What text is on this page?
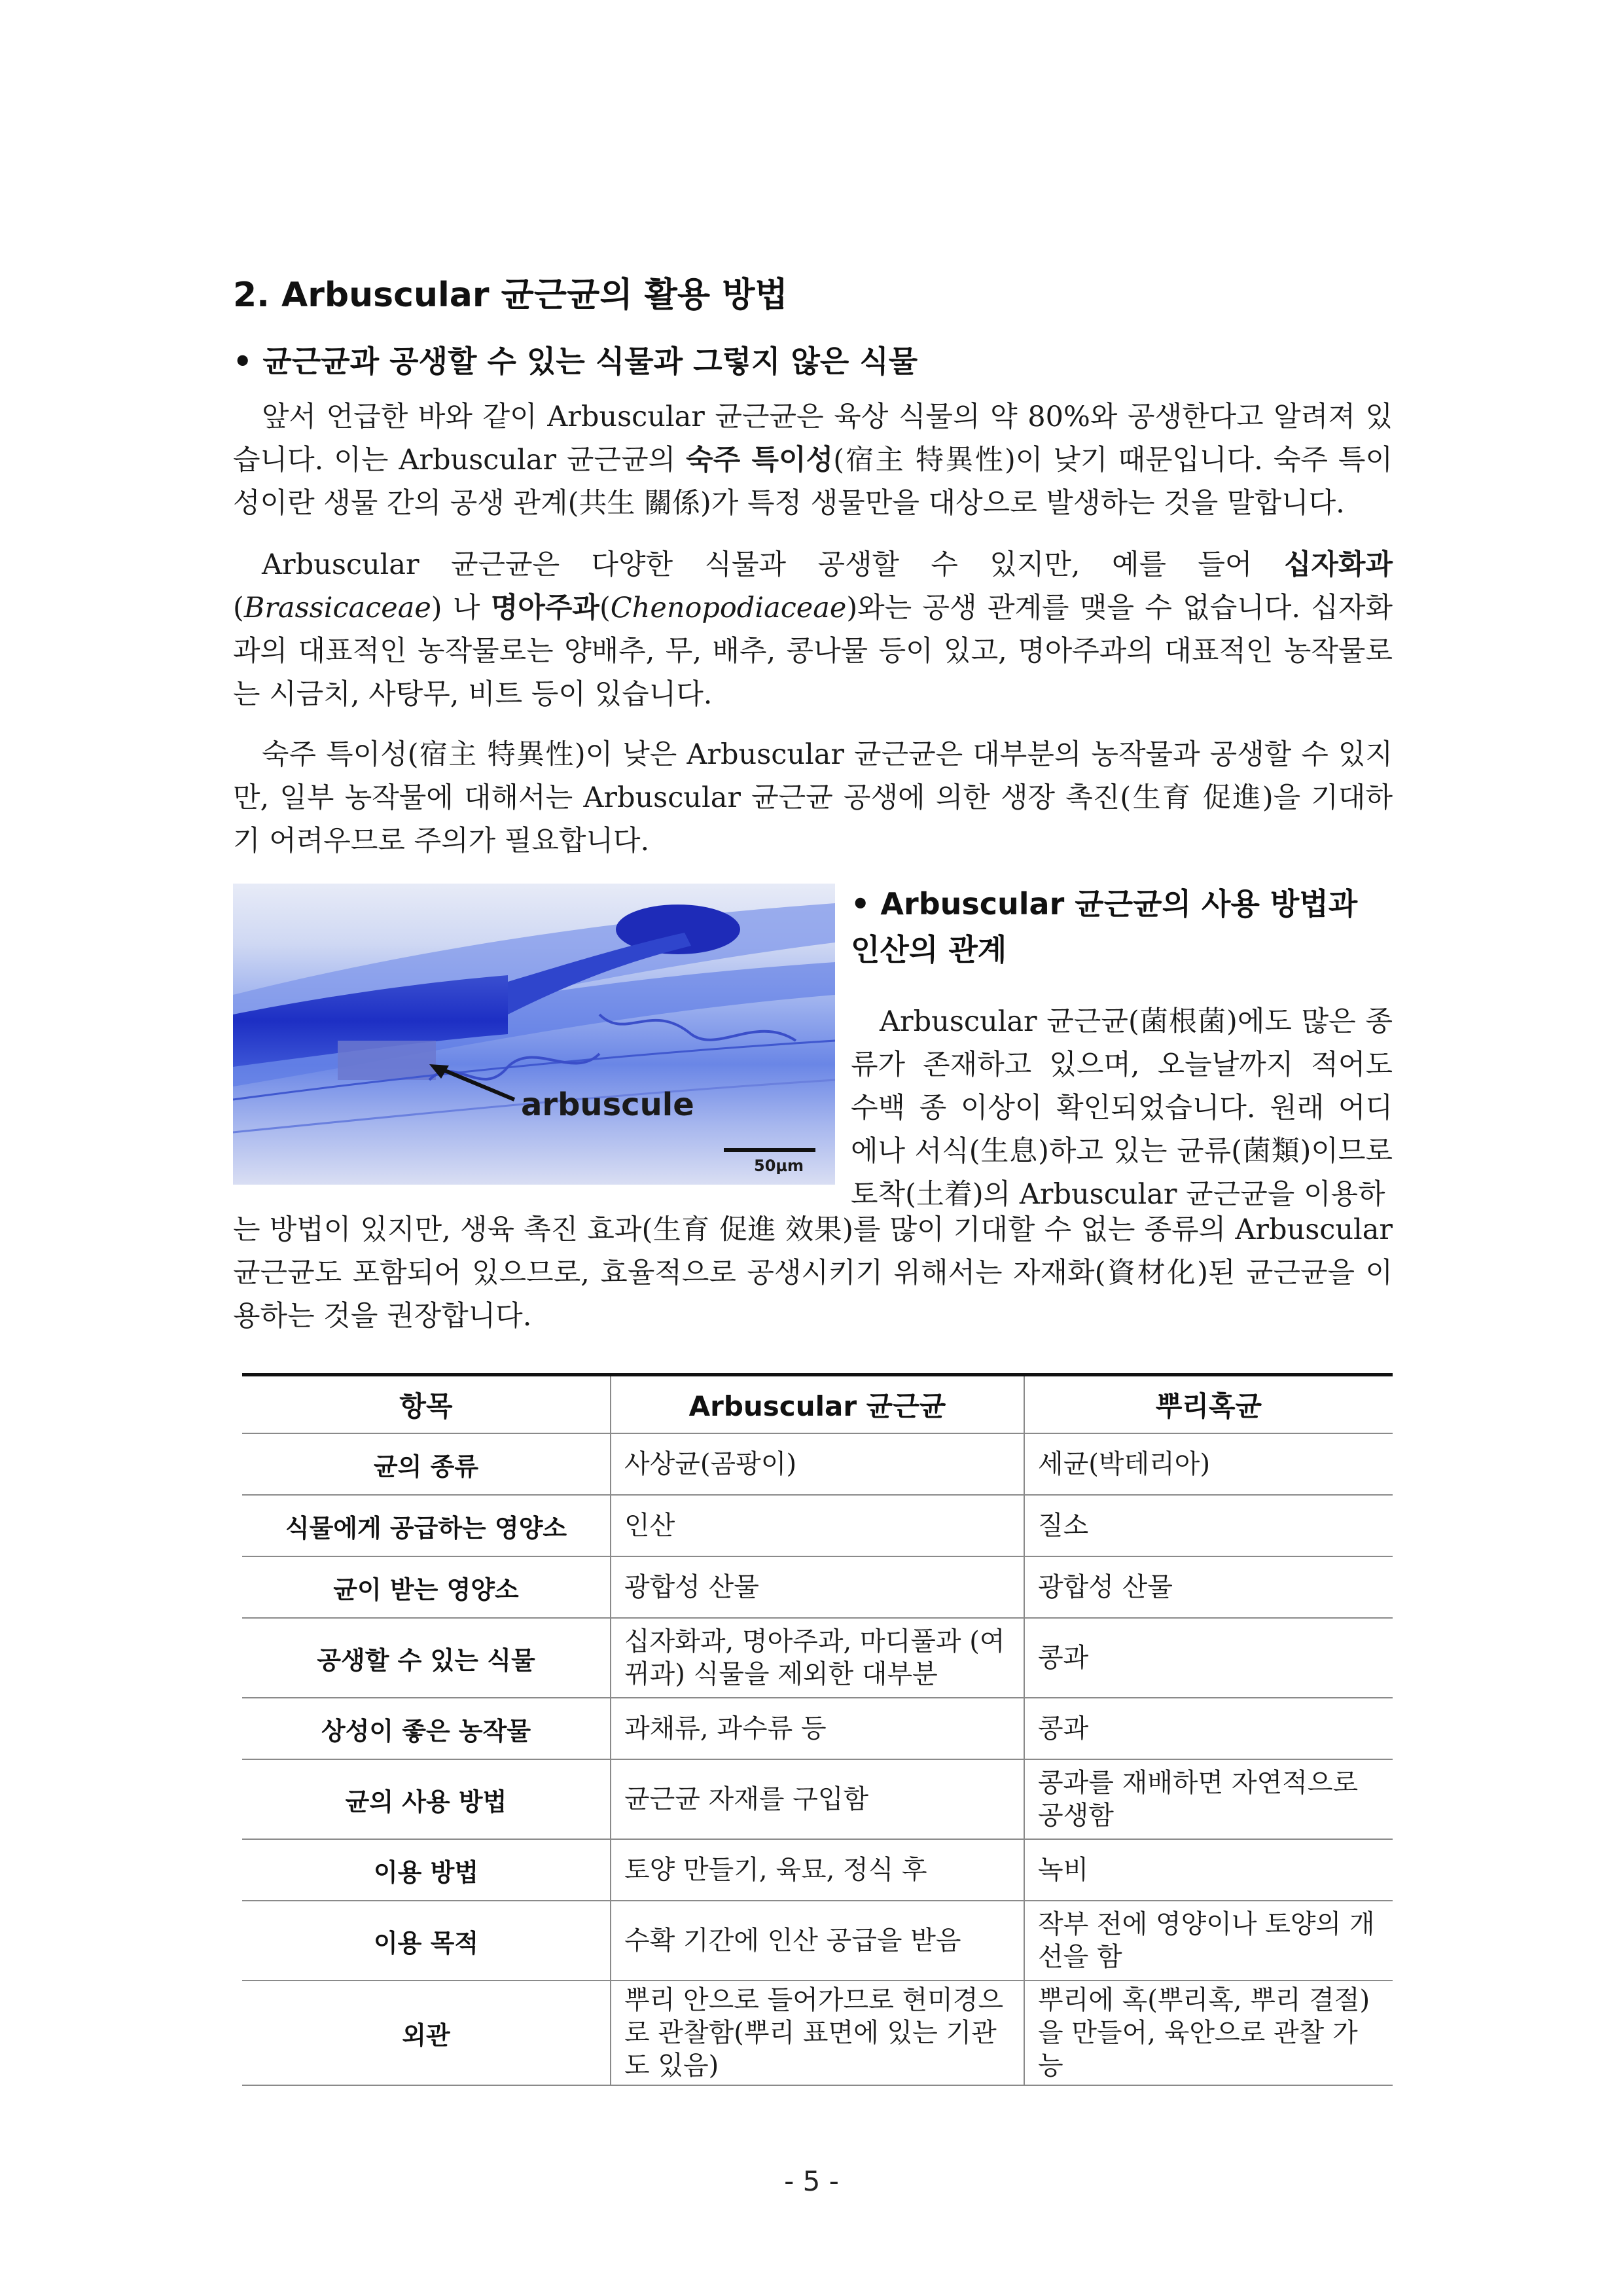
2. Arbuscular 균근균의 활용 방법
• 균근균과 공생할 수 있는 식물과 그렇지 않은 식물

앞서 언급한 바와 같이 Arbuscular 균근균은 육상 식물의 약 80%와 공생한다고 알려져 있습니다. 이는 Arbuscular 균근균의 숙주 특이성(宿主 特異性)이 낮기 때문입니다. 숙주 특이성이란 생물 간의 공생 관계(共生 關係)가 특정 생물만을 대상으로 발생하는 것을 말합니다.

Arbuscular 균근균은 다양한 식물과 공생할 수 있지만, 예를 들어 십자화과(Brassicaceae) 나 명아주과(Chenopodiaceae)와는 공생 관계를 맺을 수 없습니다. 십자화과의 대표적인 농작물로는 양배추, 무, 배추, 콩나물 등이 있고, 명아주과의 대표적인 농작물로는 시금치, 사탕무, 비트 등이 있습니다.

숙주 특이성(宿主 特異性)이 낮은 Arbuscular 균근균은 대부분의 농작물과 공생할 수 있지만, 일부 농작물에 대해서는 Arbuscular 균근균 공생에 의한 생장 촉진(生育 促進)을 기대하기 어려우므로 주의가 필요합니다.

arbuscule
50μm
• Arbuscular 균근균의 사용 방법과 인산의 관계

Arbuscular 균근균(菌根菌)에도 많은 종류가 존재하고 있으며, 오늘날까지 적어도 수백 종 이상이 확인되었습니다. 원래 어디에나 서식(生息)하고 있는 균류(菌類)이므로 토착(土着)의 Arbuscular 균근균을 이용하

는 방법이 있지만, 생육 촉진 효과(生育 促進 效果)를 많이 기대할 수 없는 종류의 Arbuscular 균근균도 포함되어 있으므로, 효율적으로 공생시키기 위해서는 자재화(資材化)된 균근균을 이용하는 것을 권장합니다.

항목	Arbuscular 균근균	뿌리혹균
균의 종류	사상균(곰팡이)	세균(박테리아)
식물에게 공급하는 영양소	인산	질소
균이 받는 영양소	광합성 산물	광합성 산물
공생할 수 있는 식물	십자화과, 명아주과, 마디풀과 (여뀌과) 식물을 제외한 대부분	콩과
상성이 좋은 농작물	과채류, 과수류 등	콩과
균의 사용 방법	균근균 자재를 구입함	콩과를 재배하면 자연적으로 공생함
이용 방법	토양 만들기, 육묘, 정식 후	녹비
이용 목적	수확 기간에 인산 공급을 받음	작부 전에 영양이나 토양의 개선을 함
외관	뿌리 안으로 들어가므로 현미경으로 관찰함(뿌리 표면에 있는 기관도 있음)	뿌리에 혹(뿌리혹, 뿌리 결절)을 만들어, 육안으로 관찰 가능
- 5 -
